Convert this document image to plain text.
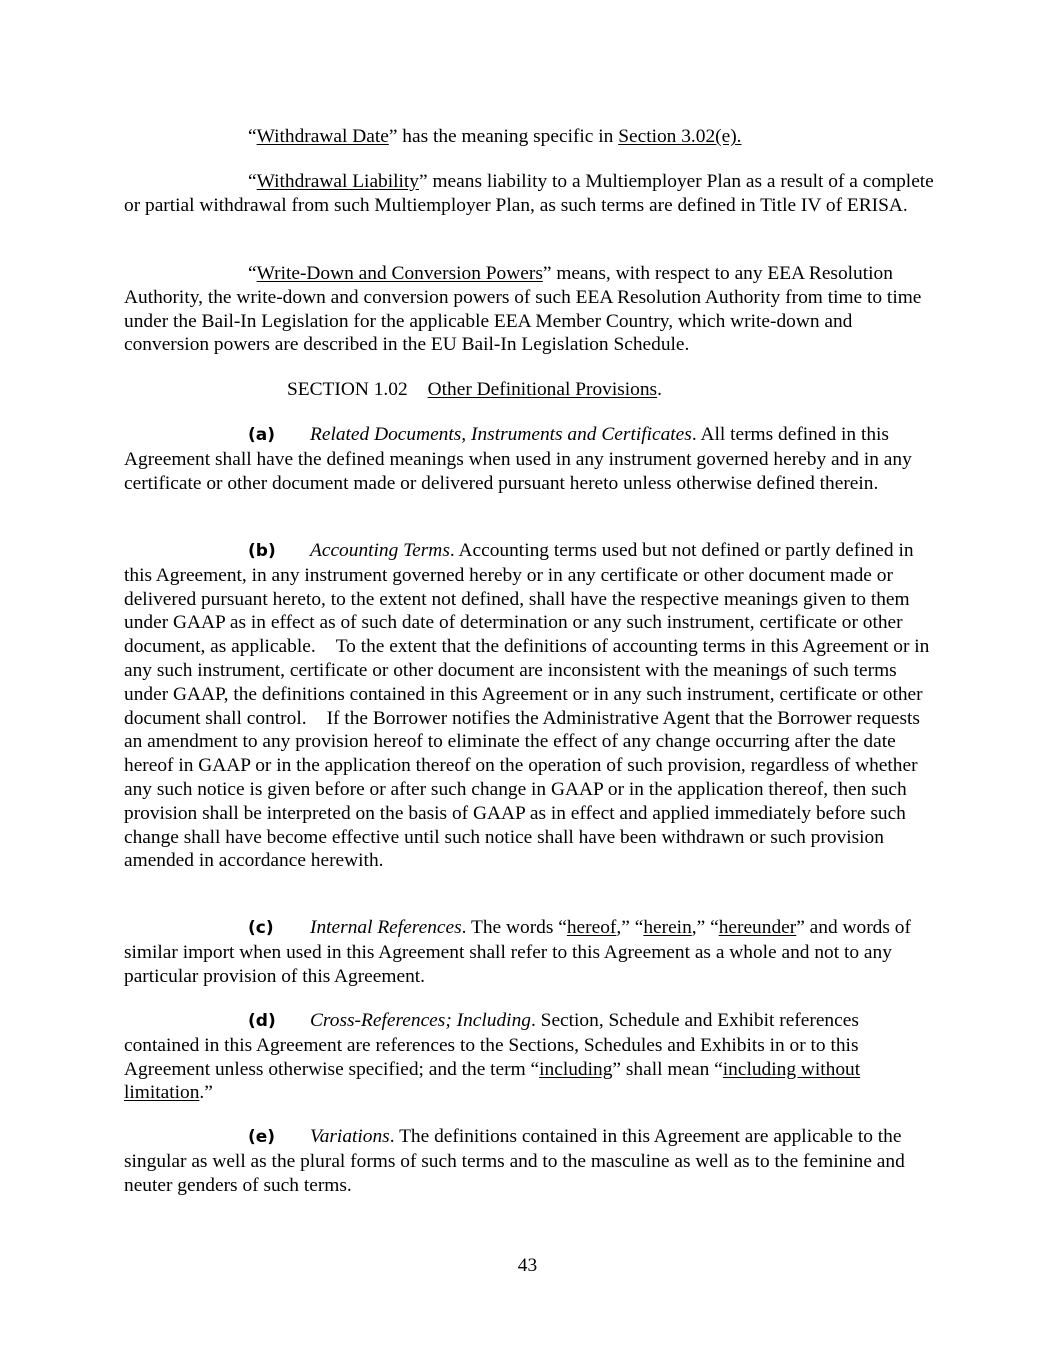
“Withdrawal Date” has the meaning specific in Section 3.02(e).

“Withdrawal Liability” means liability to a Multiemployer Plan as a result of a complete or partial withdrawal from such Multiemployer Plan, as such terms are defined in Title IV of ERISA.

“Write-Down and Conversion Powers” means, with respect to any EEA Resolution Authority, the write-down and conversion powers of such EEA Resolution Authority from time to time under the Bail-In Legislation for the applicable EEA Member Country, which write-down and conversion powers are described in the EU Bail-In Legislation Schedule.

SECTION 1.02 Other Definitional Provisions.

(a) Related Documents, Instruments and Certificates. All terms defined in this Agreement shall have the defined meanings when used in any instrument governed hereby and in any certificate or other document made or delivered pursuant hereto unless otherwise defined therein.

(b) Accounting Terms. Accounting terms used but not defined or partly defined in this Agreement, in any instrument governed hereby or in any certificate or other document made or delivered pursuant hereto, to the extent not defined, shall have the respective meanings given to them under GAAP as in effect as of such date of determination or any such instrument, certificate or other document, as applicable. To the extent that the definitions of accounting terms in this Agreement or in any such instrument, certificate or other document are inconsistent with the meanings of such terms under GAAP, the definitions contained in this Agreement or in any such instrument, certificate or other document shall control. If the Borrower notifies the Administrative Agent that the Borrower requests an amendment to any provision hereof to eliminate the effect of any change occurring after the date hereof in GAAP or in the application thereof on the operation of such provision, regardless of whether any such notice is given before or after such change in GAAP or in the application thereof, then such provision shall be interpreted on the basis of GAAP as in effect and applied immediately before such change shall have become effective until such notice shall have been withdrawn or such provision amended in accordance herewith.

(c) Internal References. The words “hereof,” “herein,” “hereunder” and words of similar import when used in this Agreement shall refer to this Agreement as a whole and not to any particular provision of this Agreement.

(d) Cross-References; Including. Section, Schedule and Exhibit references contained in this Agreement are references to the Sections, Schedules and Exhibits in or to this Agreement unless otherwise specified; and the term “including” shall mean “including without limitation.”

(e) Variations. The definitions contained in this Agreement are applicable to the singular as well as the plural forms of such terms and to the masculine as well as to the feminine and neuter genders of such terms.

43
